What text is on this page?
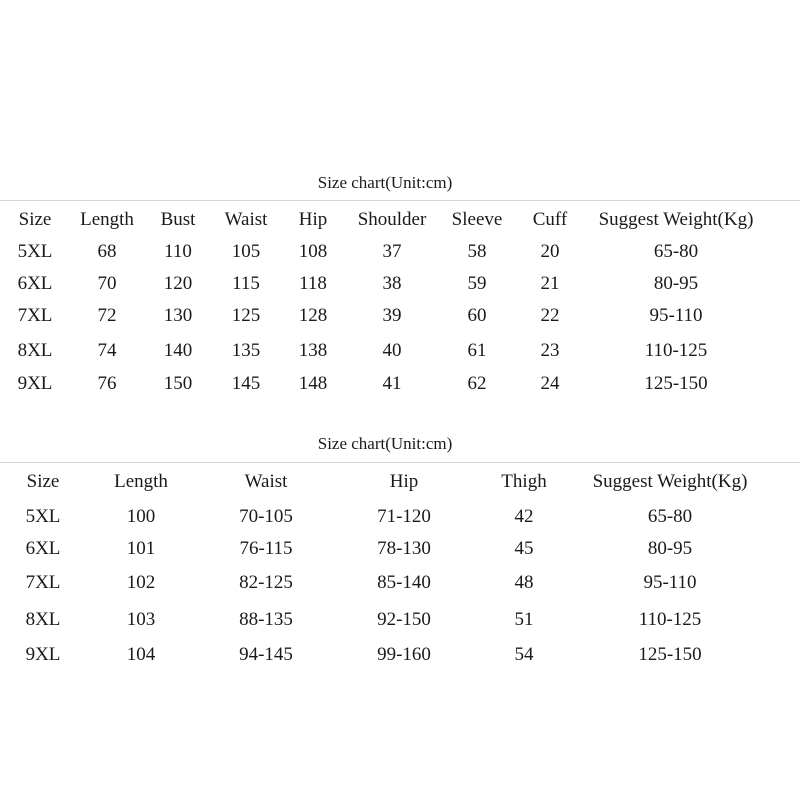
Size chart(Unit:cm)
Size Length Bust Waist Hip Shoulder Sleeve Cuff Suggest Weight(Kg)
5XL 68	110 105 108	37	58	20	65-80
6XL 70 120 115 118	38	59	21	80-95
7XL 72 130 125 128	39	60	22	95-110
8XL 74 140 135 138	40	61	23	110-125
9XL 76 150 145 148	41	62	24	125-150
Size chart(Unit:cm)
Size	Length	Waist	Hip	Thigh Suggest Weight(Kg)
5XL	100	70-105	71-120	42	65-80
6XL	101	76-115	78-130	45	80-95
7XL	102	82-125	85-140	48	95-110
8XL	103	88-135	92-150	51	110-125
9XL	104	94-145	99-160	54	125-150
